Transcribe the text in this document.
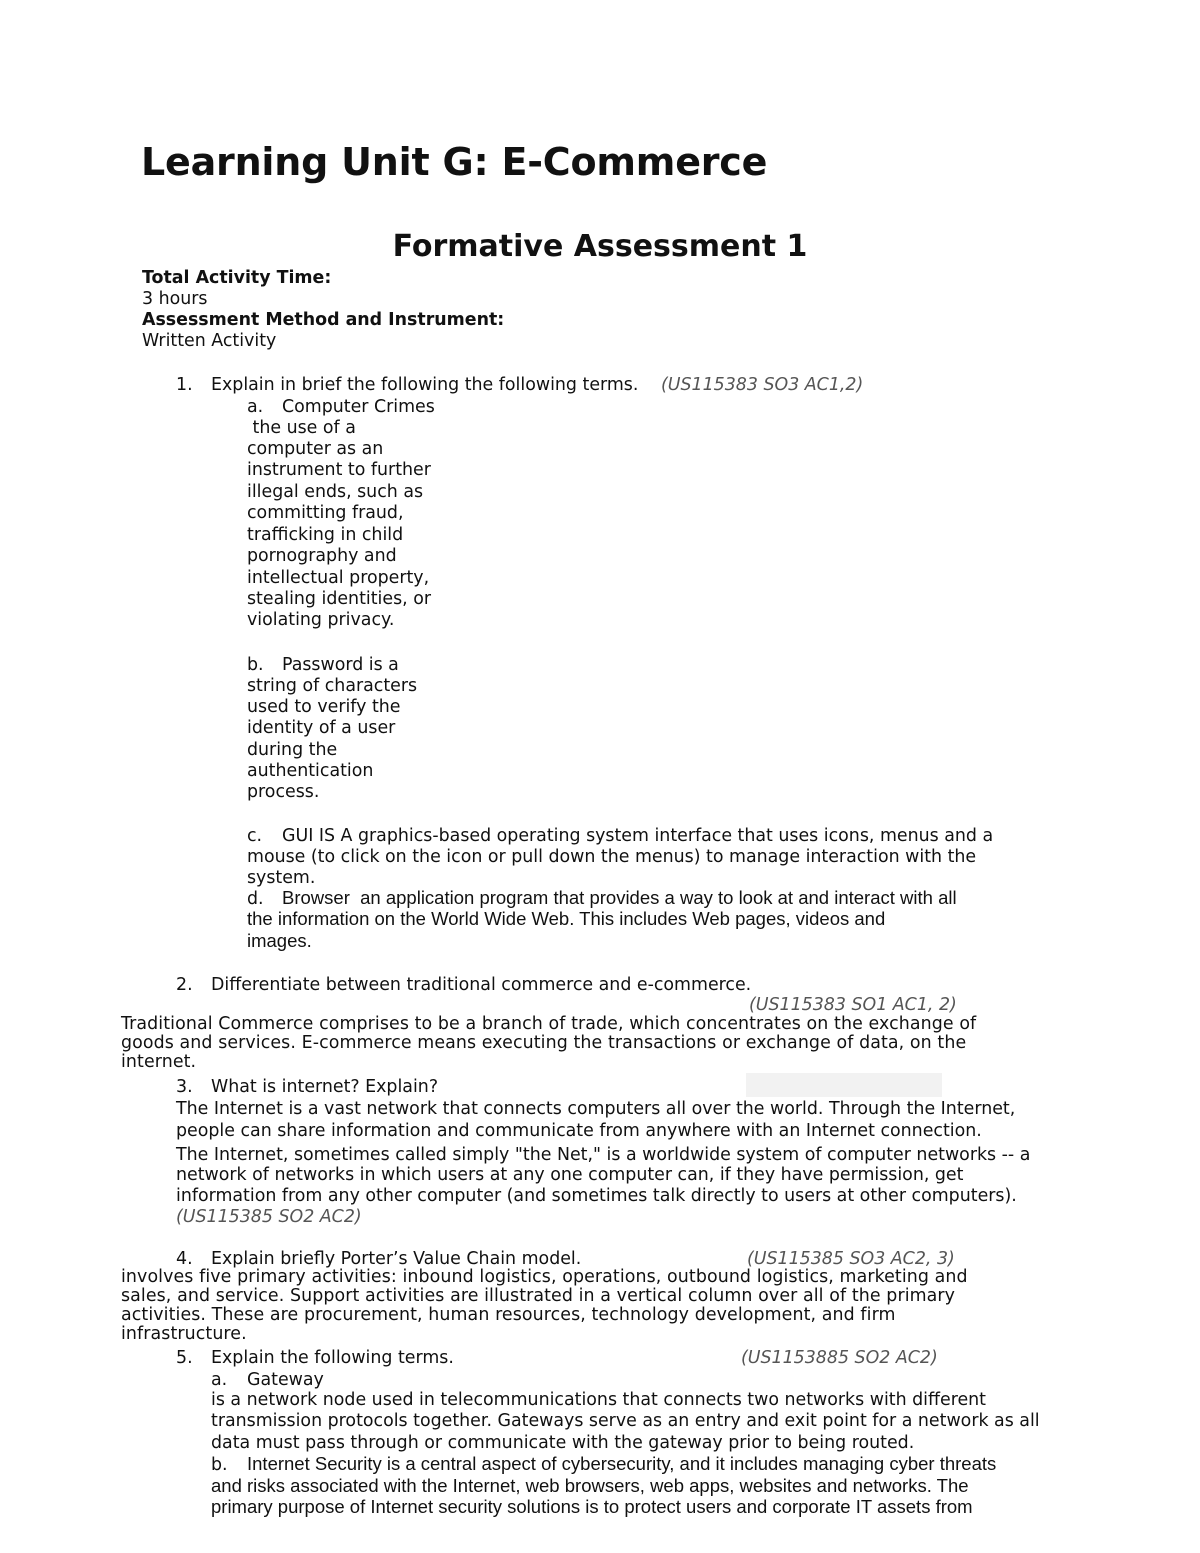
Learning Unit G: E-Commerce
Formative Assessment 1
Total Activity Time:
3 hours
Assessment Method and Instrument:
Written Activity
1. Explain in brief the following the following terms. (US115383 SO3 AC1,2)
a. Computer Crimes
the use of a
computer as an
instrument to further
illegal ends, such as
committing fraud,
trafficking in child
pornography and
intellectual property,
stealing identities, or
violating privacy.
b. Password is a
string of characters
used to verify the
identity of a user
during the
authentication
process.
c. GUI IS A graphics-based operating system interface that uses icons, menus and a
mouse (to click on the icon or pull down the menus) to manage interaction with the
system.
d. Browser  an application program that provides a way to look at and interact with all
the information on the World Wide Web. This includes Web pages, videos and
images.
2. Differentiate between traditional commerce and e-commerce.
(US115383 SO1 AC1, 2)
Traditional Commerce comprises to be a branch of trade, which concentrates on the exchange of
goods and services. E-commerce means executing the transactions or exchange of data, on the
internet.
3. What is internet? Explain?
The Internet is a vast network that connects computers all over the world. Through the Internet,
people can share information and communicate from anywhere with an Internet connection.
The Internet, sometimes called simply "the Net," is a worldwide system of computer networks -- a
network of networks in which users at any one computer can, if they have permission, get
information from any other computer (and sometimes talk directly to users at other computers).
(US115385 SO2 AC2)
4. Explain briefly Porter’s Value Chain model.	(US115385 SO3 AC2, 3)
involves five primary activities: inbound logistics, operations, outbound logistics, marketing and
sales, and service. Support activities are illustrated in a vertical column over all of the primary
activities. These are procurement, human resources, technology development, and firm
infrastructure.
5. Explain the following terms.	(US1153885 SO2 AC2)
a. Gateway
is a network node used in telecommunications that connects two networks with different
transmission protocols together. Gateways serve as an entry and exit point for a network as all
data must pass through or communicate with the gateway prior to being routed.
b. Internet Security is a central aspect of cybersecurity, and it includes managing cyber threats
and risks associated with the Internet, web browsers, web apps, websites and networks. The
primary purpose of Internet security solutions is to protect users and corporate IT assets from
